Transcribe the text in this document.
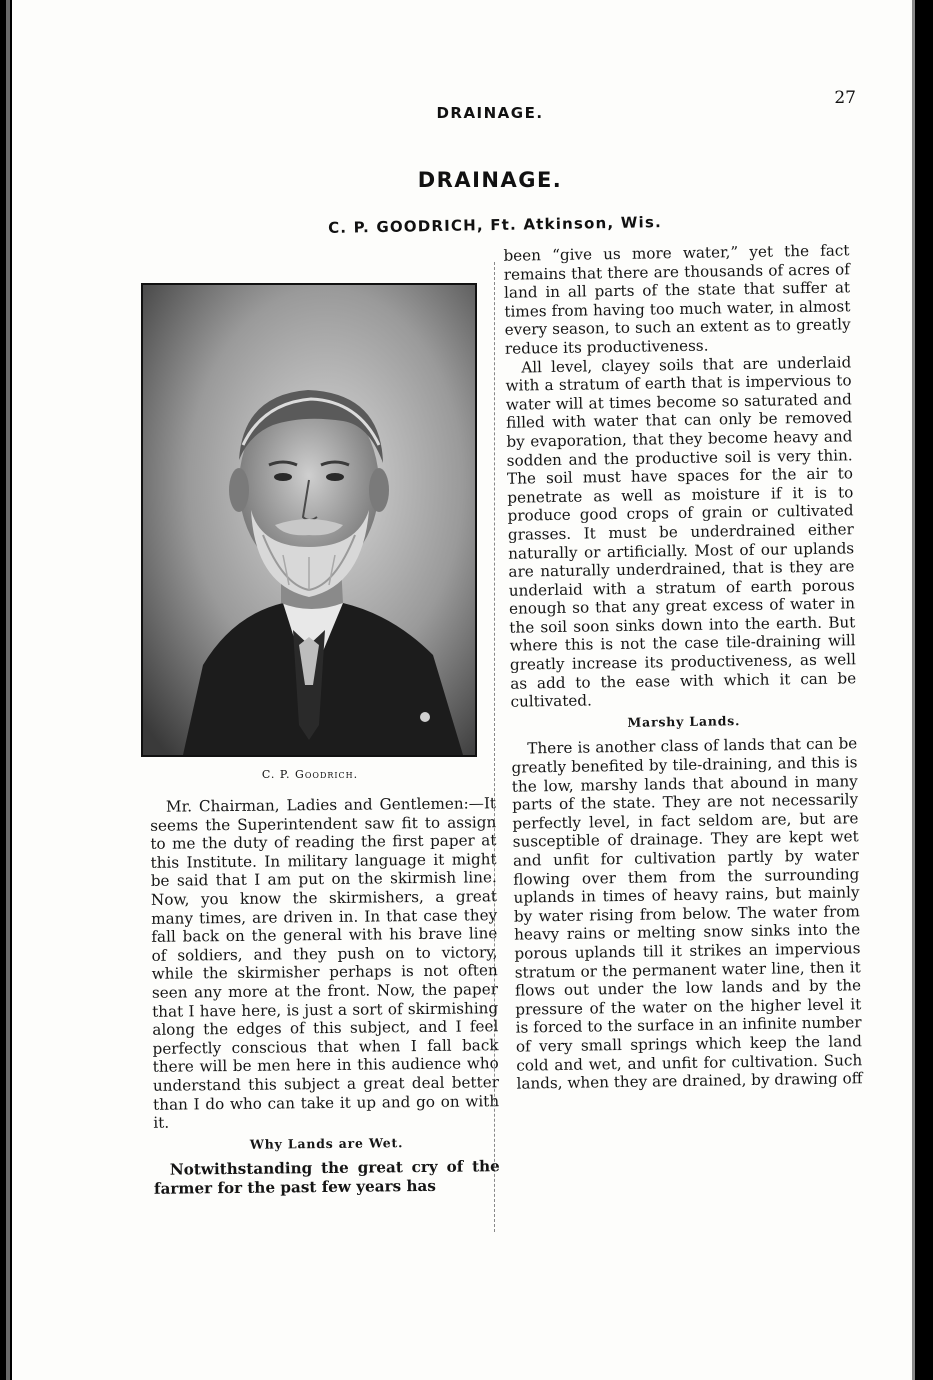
DRAINAGE.
27
DRAINAGE.
C. P. GOODRICH, Ft. Atkinson, Wis.
C. P. Goodrich.

Mr. Chairman, Ladies and Gentlemen:—It seems the Superintendent saw fit to assign to me the duty of reading the first paper at this Institute. In military language it might be said that I am put on the skirmish line. Now, you know the skirmishers, a great many times, are driven in. In that case they fall back on the general with his brave line of soldiers, and they push on to victory, while the skirmisher perhaps is not often seen any more at the front. Now, the paper that I have here, is just a sort of skirmishing along the edges of this subject, and I feel perfectly conscious that when I fall back there will be men here in this audience who understand this subject a great deal better than I do who can take it up and go on with it.

Why Lands are Wet.

Notwithstanding the great cry of the farmer for the past few years has

been “give us more water,” yet the fact remains that there are thousands of acres of land in all parts of the state that suffer at times from having too much water, in almost every season, to such an extent as to greatly reduce its productiveness.

All level, clayey soils that are underlaid with a stratum of earth that is impervious to water will at times become so saturated and filled with water that can only be removed by evaporation, that they become heavy and sodden and the productive soil is very thin. The soil must have spaces for the air to penetrate as well as moisture if it is to produce good crops of grain or cultivated grasses. It must be underdrained either naturally or artificially. Most of our uplands are naturally underdrained, that is they are underlaid with a stratum of earth porous enough so that any great excess of water in the soil soon sinks down into the earth. But where this is not the case tile-draining will greatly increase its productiveness, as well as add to the ease with which it can be cultivated.

Marshy Lands.

There is another class of lands that can be greatly benefited by tile-draining, and this is the low, marshy lands that abound in many parts of the state. They are not necessarily perfectly level, in fact seldom are, but are susceptible of drainage. They are kept wet and unfit for cultivation partly by water flowing over them from the surrounding uplands in times of heavy rains, but mainly by water rising from below. The water from heavy rains or melting snow sinks into the porous uplands till it strikes an impervious stratum or the permanent water line, then it flows out under the low lands and by the pressure of the water on the higher level it is forced to the surface in an infinite number of very small springs which keep the land cold and wet, and unfit for cultivation. Such lands, when they are drained, by drawing off
